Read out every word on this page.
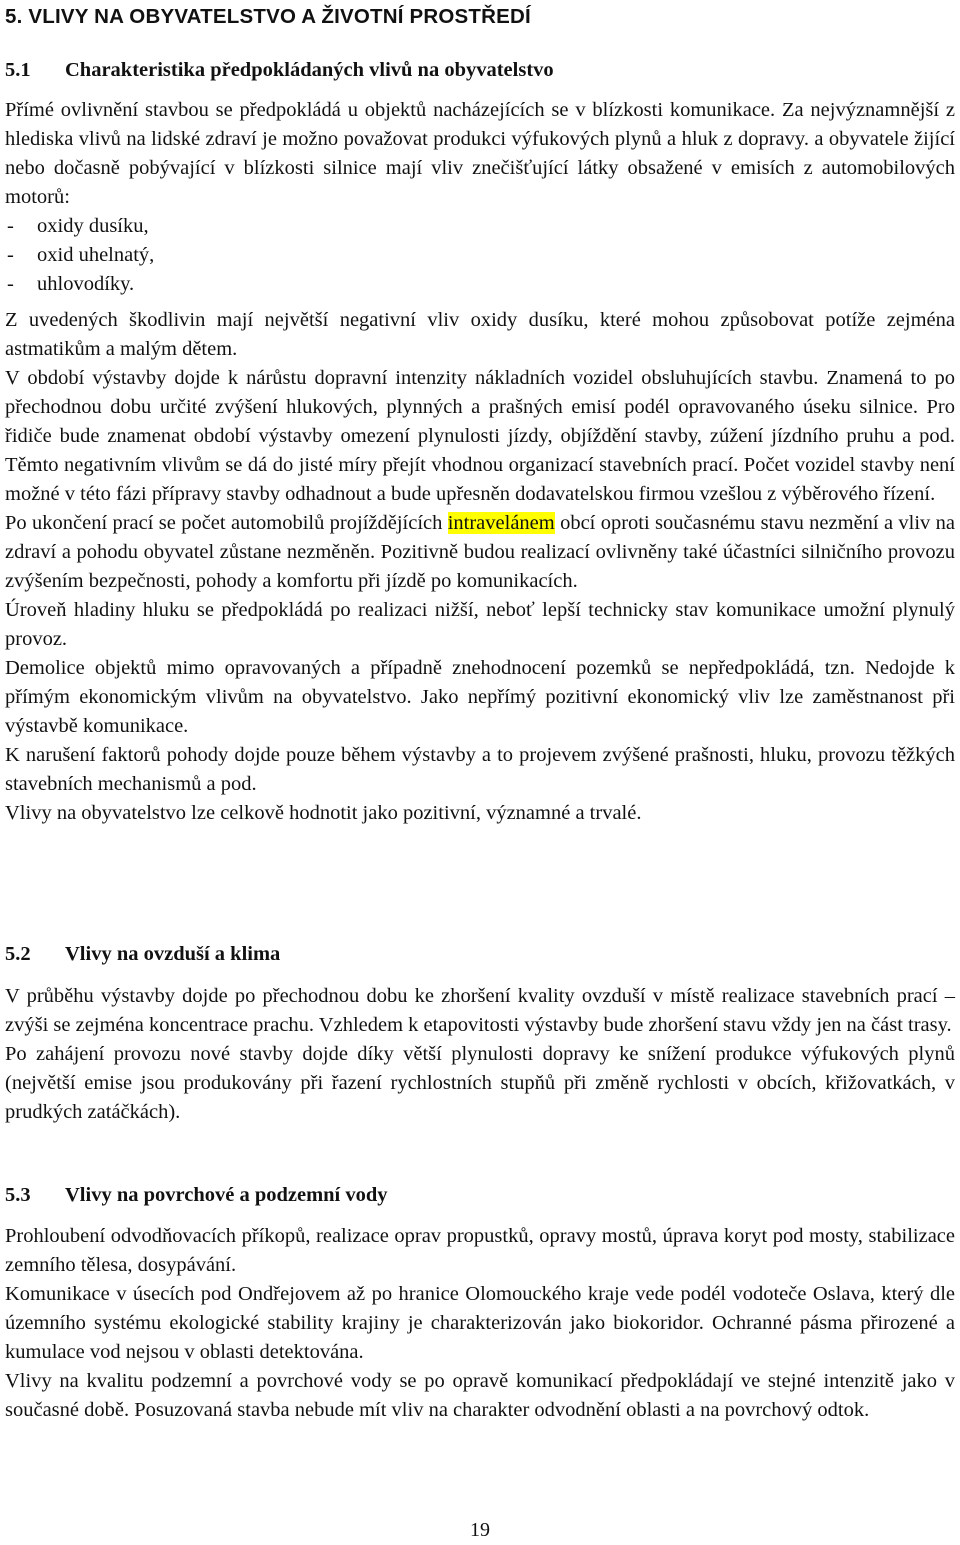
5. VLIVY NA OBYVATELSTVO A ŽIVOTNÍ PROSTŘEDÍ
5.1 Charakteristika předpokládaných vlivů na obyvatelstvo

Přímé ovlivnění stavbou se předpokládá u objektů nacházejících se v blízkosti komunikace. Za nejvýznamnější z hlediska vlivů na lidské zdraví je možno považovat produkci výfukových plynů a hluk z dopravy. a obyvatele žijící nebo dočasně pobývající v blízkosti silnice mají vliv znečišťující látky obsažené v emisích z automobilových motorů:

- oxidy dusíku,
- oxid uhelnatý,
- uhlovodíky.

Z uvedených škodlivin mají největší negativní vliv oxidy dusíku, které mohou způsobovat potíže zejména astmatikům a malým dětem.

V období výstavby dojde k nárůstu dopravní intenzity nákladních vozidel obsluhujících stavbu. Znamená to po přechodnou dobu určité zvýšení hlukových, plynných a prašných emisí podél opravovaného úseku silnice. Pro řidiče bude znamenat období výstavby omezení plynulosti jízdy, objíždění stavby, zúžení jízdního pruhu a pod. Těmto negativním vlivům se dá do jisté míry přejít vhodnou organizací stavebních prací. Počet vozidel stavby není možné v této fázi přípravy stavby odhadnout a bude upřesněn dodavatelskou firmou vzešlou z výběrového řízení.

Po ukončení prací se počet automobilů projíždějících intravelánem obcí oproti současnému stavu nezmění a vliv na zdraví a pohodu obyvatel zůstane nezměněn. Pozitivně budou realizací ovlivněny také účastníci silničního provozu zvýšením bezpečnosti, pohody a komfortu při jízdě po komunikacích.

Úroveň hladiny hluku se předpokládá po realizaci nižší, neboť lepší technicky stav komunikace umožní plynulý provoz.

Demolice objektů mimo opravovaných a případně znehodnocení pozemků se nepředpokládá, tzn. Nedojde k přímým ekonomickým vlivům na obyvatelstvo. Jako nepřímý pozitivní ekonomický vliv lze zaměstnanost při výstavbě komunikace.

K narušení faktorů pohody dojde pouze během výstavby a to projevem zvýšené prašnosti, hluku, provozu těžkých stavebních mechanismů a pod.

Vlivy na obyvatelstvo lze celkově hodnotit jako pozitivní, významné a trvalé.

5.2 Vlivy na ovzduší a klima

V průběhu výstavby dojde po přechodnou dobu ke zhoršení kvality ovzduší v místě realizace stavebních prací – zvýši se zejména koncentrace prachu. Vzhledem k etapovitosti výstavby bude zhoršení stavu vždy jen na část trasy.

Po zahájení provozu nové stavby dojde díky větší plynulosti dopravy ke snížení produkce výfukových plynů (největší emise jsou produkovány při řazení rychlostních stupňů při změně rychlosti v obcích, křižovatkách, v prudkých zatáčkách).

5.3 Vlivy na povrchové a podzemní vody

Prohloubení odvodňovacích příkopů, realizace oprav propustků, opravy mostů, úprava koryt pod mosty, stabilizace zemního tělesa, dosypávání.

Komunikace v úsecích pod Ondřejovem až po hranice Olomouckého kraje vede podél vodoteče Oslava, který dle územního systému ekologické stability krajiny je charakterizován jako biokoridor. Ochranné pásma přirozené a kumulace vod nejsou v oblasti detektována.

Vlivy na kvalitu podzemní a povrchové vody se po opravě komunikací předpokládají ve stejné intenzitě jako v současné době. Posuzovaná stavba nebude mít vliv na charakter odvodnění oblasti a na povrchový odtok.

19
